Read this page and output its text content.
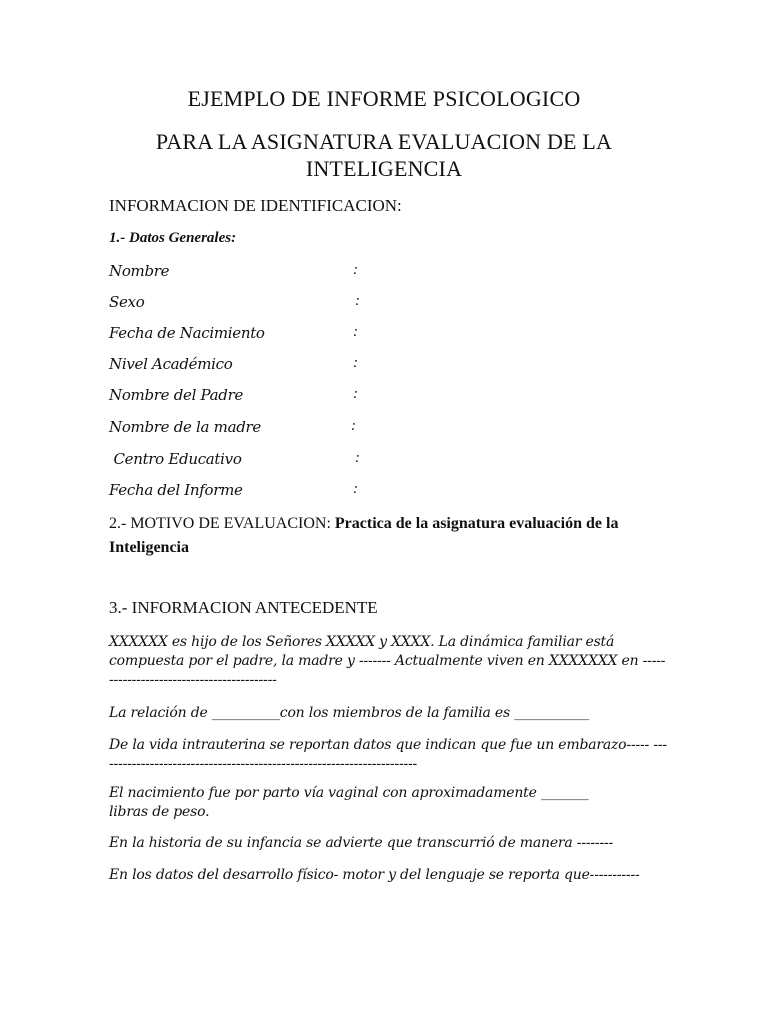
EJEMPLO DE INFORME PSICOLOGICO
PARA LA ASIGNATURA EVALUACION DE LA
INTELIGENCIA
INFORMACION DE IDENTIFICACION:
1.- Datos Generales:

Nombre	:

Sexo	:

Fecha de Nacimiento	:

Nivel Académico	:

Nombre del Padre	:

Nombre de la madre	:

Centro Educativo	:

Fecha del Informe	:

2.- MOTIVO DE EVALUACION: Practica de la asignatura evaluación de la Inteligencia

3.- INFORMACION ANTECEDENTE

XXXXXX es hijo de los Señores XXXXX y XXXX. La dinámica familiar está compuesta por el padre, la madre y ------- Actualmente viven en XXXXXXX en ------------------------------------------

La relación de __________con los miembros de la familia es ___________

De la vida intrauterina se reportan datos que indican que fue un embarazo----- -----------------------------------------------------------------------

El nacimiento fue por parto vía vaginal con aproximadamente _______ libras de peso.

En la historia de su infancia se advierte que transcurrió de manera --------

En los datos del desarrollo físico- motor y del lenguaje se reporta que-----------
